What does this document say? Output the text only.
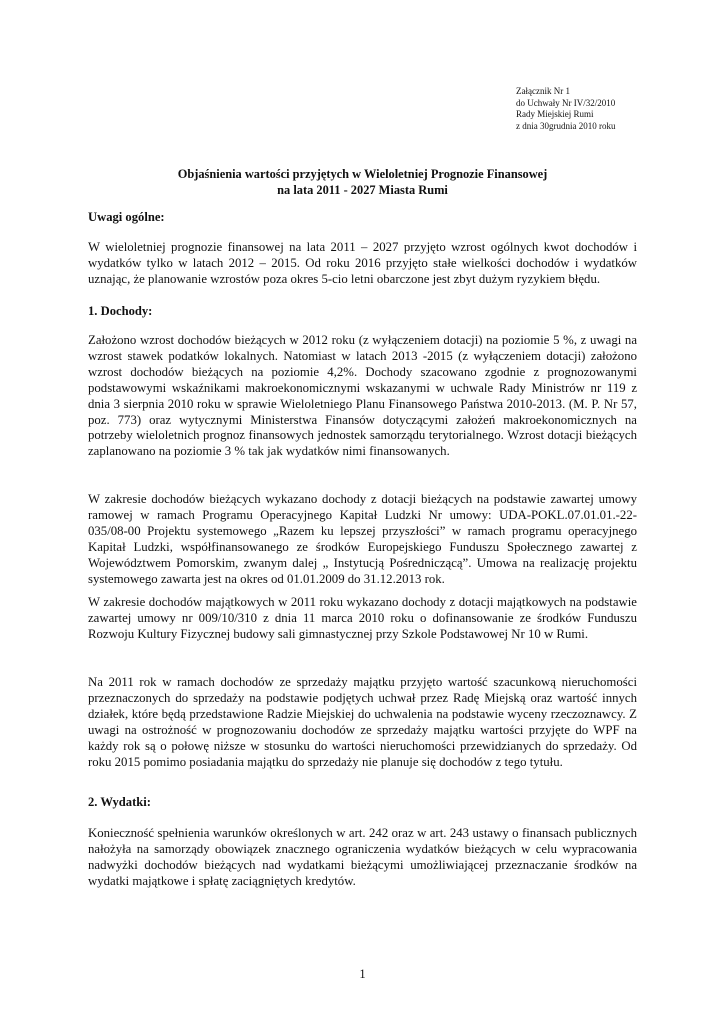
Załącznik Nr 1
do Uchwały Nr IV/32/2010
Rady Miejskiej Rumi
z dnia 30grudnia 2010 roku
Objaśnienia wartości przyjętych w Wieloletniej Prognozie Finansowej
na lata 2011 - 2027 Miasta Rumi
Uwagi ogólne:

W wieloletniej prognozie finansowej na lata 2011 – 2027 przyjęto wzrost ogólnych kwot dochodów i wydatków tylko w latach 2012 – 2015. Od roku 2016 przyjęto stałe wielkości dochodów i wydatków uznając, że planowanie wzrostów poza okres 5-cio letni obarczone jest zbyt dużym ryzykiem błędu.

1. Dochody:

Założono wzrost dochodów bieżących w 2012 roku (z wyłączeniem dotacji) na poziomie 5 %, z uwagi na wzrost stawek podatków lokalnych. Natomiast w latach 2013 -2015 (z wyłączeniem dotacji) założono wzrost dochodów bieżących na poziomie 4,2%. Dochody szacowano zgodnie z prognozowanymi podstawowymi wskaźnikami makroekonomicznymi wskazanymi w uchwale Rady Ministrów nr 119 z dnia 3 sierpnia 2010 roku w sprawie Wieloletniego Planu Finansowego Państwa 2010-2013. (M. P. Nr 57, poz. 773) oraz wytycznymi Ministerstwa Finansów dotyczącymi założeń makroekonomicznych na potrzeby wieloletnich prognoz finansowych jednostek samorządu terytorialnego. Wzrost dotacji bieżących zaplanowano na poziomie 3 % tak jak wydatków nimi finansowanych.

W zakresie dochodów bieżących wykazano dochody z dotacji bieżących na podstawie zawartej umowy ramowej w ramach Programu Operacyjnego Kapitał Ludzki Nr umowy: UDA-POKL.07.01.01.-22-035/08-00 Projektu systemowego „Razem ku lepszej przyszłości” w ramach programu operacyjnego Kapitał Ludzki, współfinansowanego ze środków Europejskiego Funduszu Społecznego zawartej z Województwem Pomorskim, zwanym dalej „ Instytucją Pośredniczącą”. Umowa na realizację projektu systemowego zawarta jest na okres od 01.01.2009 do 31.12.2013 rok.

W zakresie dochodów majątkowych w 2011 roku wykazano dochody z dotacji majątkowych na podstawie zawartej umowy nr 009/10/310 z dnia 11 marca 2010 roku o dofinansowanie ze środków Funduszu Rozwoju Kultury Fizycznej budowy sali gimnastycznej przy Szkole Podstawowej Nr 10 w Rumi.

Na 2011 rok w ramach dochodów ze sprzedaży majątku przyjęto wartość szacunkową nieruchomości przeznaczonych do sprzedaży na podstawie podjętych uchwał przez Radę Miejską oraz wartość innych działek, które będą przedstawione Radzie Miejskiej do uchwalenia na podstawie wyceny rzeczoznawcy. Z uwagi na ostrożność w prognozowaniu dochodów ze sprzedaży majątku wartości przyjęte do WPF na każdy rok są o połowę niższe w stosunku do wartości nieruchomości przewidzianych do sprzedaży. Od roku 2015 pomimo posiadania majątku do sprzedaży nie planuje się dochodów z tego tytułu.

2. Wydatki:

Konieczność spełnienia warunków określonych w art. 242 oraz w art. 243 ustawy o finansach publicznych nałożyła na samorządy obowiązek znacznego ograniczenia wydatków bieżących w celu wypracowania nadwyżki dochodów bieżących nad wydatkami bieżącymi umożliwiającej przeznaczanie środków na wydatki majątkowe i spłatę zaciągniętych kredytów.

1
